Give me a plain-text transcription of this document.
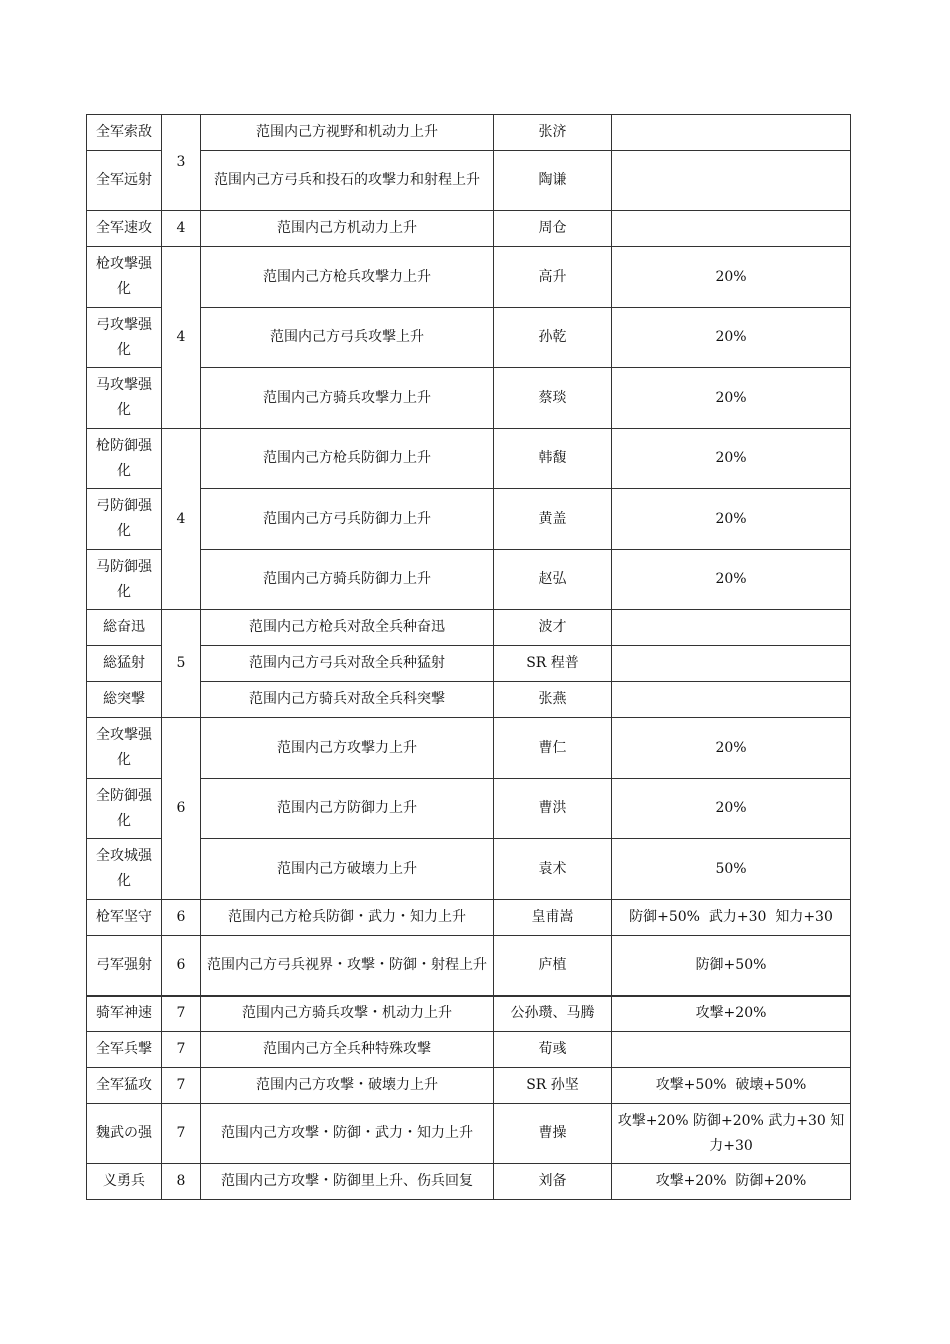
全军索敌	3	范围内己方视野和机动力上升	张济	
全军远射		范围内己方弓兵和投石的攻撃力和射程上升	陶谦	
全军速攻	4	范围内己方机动力上升	周仓	
枪攻撃强化	4	范围内己方枪兵攻撃力上升	高升	20%
弓攻撃强化		范围内己方弓兵攻撃上升	孙乾	20%
马攻撃强化		范围内己方骑兵攻撃力上升	蔡琰	20%
枪防御强化	4	范围内己方枪兵防御力上升	韩馥	20%
弓防御强化		范围内己方弓兵防御力上升	黄盖	20%
马防御强化		范围内己方骑兵防御力上升	赵弘	20%
総奋迅	5	范围内己方枪兵对敌全兵种奋迅	波才	
総猛射		范围内己方弓兵对敌全兵种猛射	SR 程普	
総突撃		范围内己方骑兵对敌全兵科突撃	张燕	
全攻撃强化	6	范围内己方攻撃力上升	曹仁	20%
全防御强化		范围内己方防御力上升	曹洪	20%
全攻城强化		范围内己方破壊力上升	袁术	50%
枪军坚守	6	范围内己方枪兵防御・武力・知力上升	皇甫嵩	防御+50%  武力+30  知力+30
弓军强射	6	范围内己方弓兵视界・攻撃・防御・射程上升	庐植	防御+50%
骑军神速	7	范围内己方骑兵攻撃・机动力上升	公孙瓒、马腾	攻撃+20%
全军兵撃	7	范围内己方全兵种特殊攻撃	荀彧	
全军猛攻	7	范围内己方攻撃・破壊力上升	SR 孙坚	攻撃+50%  破壊+50%
魏武の强	7	范围内己方攻撃・防御・武力・知力上升	曹操	攻撃+20% 防御+20% 武力+30 知力+30
义勇兵	8	范围内己方攻撃・防御里上升、伤兵回复	刘备	攻撃+20%  防御+20%
